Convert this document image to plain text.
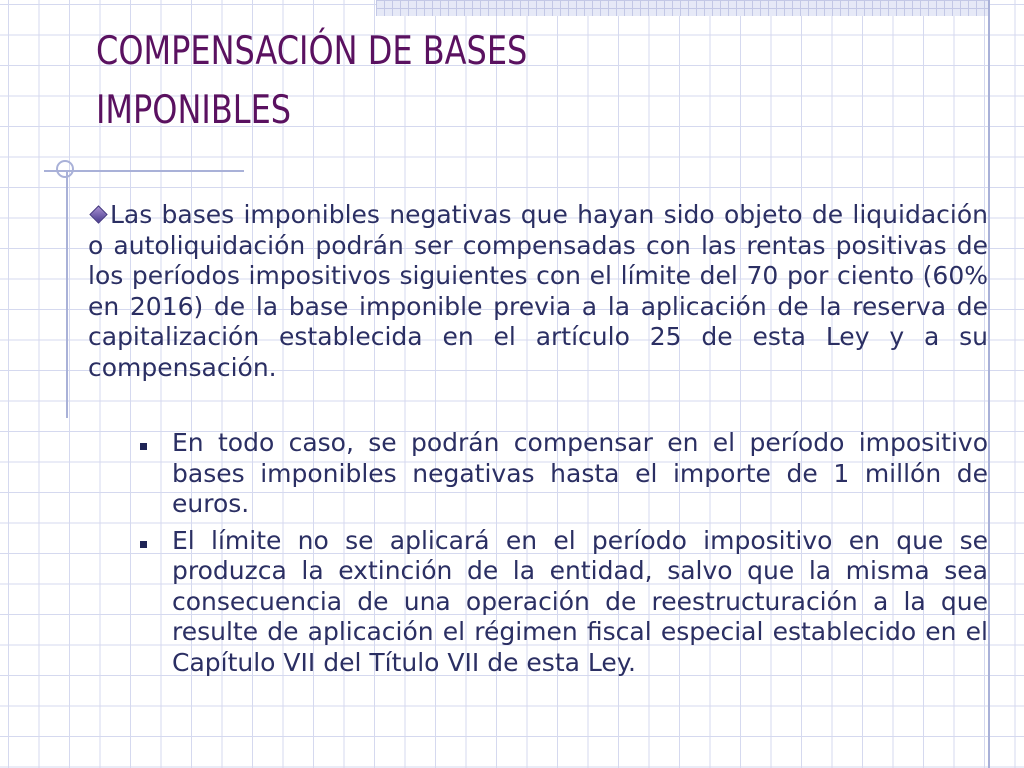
COMPENSACIÓN DE BASES
IMPONIBLES
Las bases imponibles negativas que hayan sido objeto de liquidación o autoliquidación podrán ser compensadas con las rentas positivas de los períodos impositivos siguientes con el límite del 70 por ciento (60% en 2016) de la base imponible previa a la aplicación de la reserva de capitalización establecida en el artículo 25 de esta Ley y a su compensación.
En todo caso, se podrán compensar en el período impositivo bases imponibles negativas hasta el importe de 1 millón de euros.
El límite no se aplicará en el período impositivo en que se produzca la extinción de la entidad, salvo que la misma sea consecuencia de una operación de reestructuración a la que resulte de aplicación el régimen fiscal especial establecido en el Capítulo VII del Título VII de esta Ley.
